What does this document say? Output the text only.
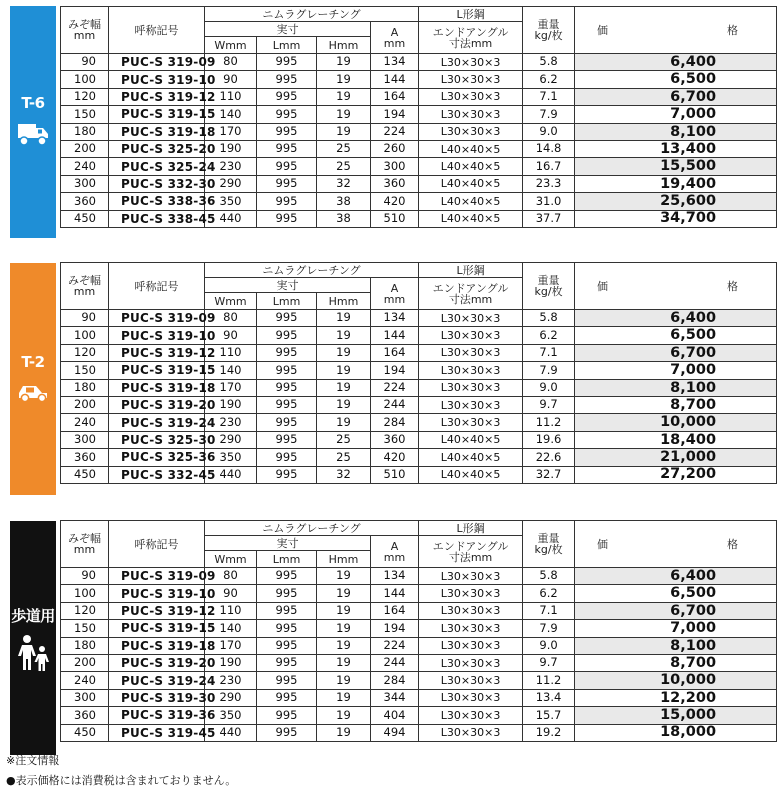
T-6
みぞ幅
mm	呼称記号	ニムラグレーチング				L形鋼	重量
kg/枚	価 格

		実寸			A
mm	エンドアングル
寸法mm		
		Wmm	Lmm	Hmm				
90	PUC-S 319-09	80	995	19	134	L30×30×3	5.8	6,400
100	PUC-S 319-10	90	995	19	144	L30×30×3	6.2	6,500
120	PUC-S 319-12	110	995	19	164	L30×30×3	7.1	6,700
150	PUC-S 319-15	140	995	19	194	L30×30×3	7.9	7,000
180	PUC-S 319-18	170	995	19	224	L30×30×3	9.0	8,100
200	PUC-S 325-20	190	995	25	260	L40×40×5	14.8	13,400
240	PUC-S 325-24	230	995	25	300	L40×40×5	16.7	15,500
300	PUC-S 332-30	290	995	32	360	L40×40×5	23.3	19,400
360	PUC-S 338-36	350	995	38	420	L40×40×5	31.0	25,600
450	PUC-S 338-45	440	995	38	510	L40×40×5	37.7	34,700
T-2
みぞ幅
mm	呼称記号	ニムラグレーチング				L形鋼	重量
kg/枚	価 格

		実寸			A
mm	エンドアングル
寸法mm		
		Wmm	Lmm	Hmm				
90	PUC-S 319-09	80	995	19	134	L30×30×3	5.8	6,400
100	PUC-S 319-10	90	995	19	144	L30×30×3	6.2	6,500
120	PUC-S 319-12	110	995	19	164	L30×30×3	7.1	6,700
150	PUC-S 319-15	140	995	19	194	L30×30×3	7.9	7,000
180	PUC-S 319-18	170	995	19	224	L30×30×3	9.0	8,100
200	PUC-S 319-20	190	995	19	244	L30×30×3	9.7	8,700
240	PUC-S 319-24	230	995	19	284	L30×30×3	11.2	10,000
300	PUC-S 325-30	290	995	25	360	L40×40×5	19.6	18,400
360	PUC-S 325-36	350	995	25	420	L40×40×5	22.6	21,000
450	PUC-S 332-45	440	995	32	510	L40×40×5	32.7	27,200
歩道用
みぞ幅
mm	呼称記号	ニムラグレーチング				L形鋼	重量
kg/枚	価 格

		実寸			A
mm	エンドアングル
寸法mm		
		Wmm	Lmm	Hmm				
90	PUC-S 319-09	80	995	19	134	L30×30×3	5.8	6,400
100	PUC-S 319-10	90	995	19	144	L30×30×3	6.2	6,500
120	PUC-S 319-12	110	995	19	164	L30×30×3	7.1	6,700
150	PUC-S 319-15	140	995	19	194	L30×30×3	7.9	7,000
180	PUC-S 319-18	170	995	19	224	L30×30×3	9.0	8,100
200	PUC-S 319-20	190	995	19	244	L30×30×3	9.7	8,700
240	PUC-S 319-24	230	995	19	284	L30×30×3	11.2	10,000
300	PUC-S 319-30	290	995	19	344	L30×30×3	13.4	12,200
360	PUC-S 319-36	350	995	19	404	L30×30×3	15.7	15,000
450	PUC-S 319-45	440	995	19	494	L30×30×3	19.2	18,000
※注文情報
●表示価格には消費税は含まれておりません。
